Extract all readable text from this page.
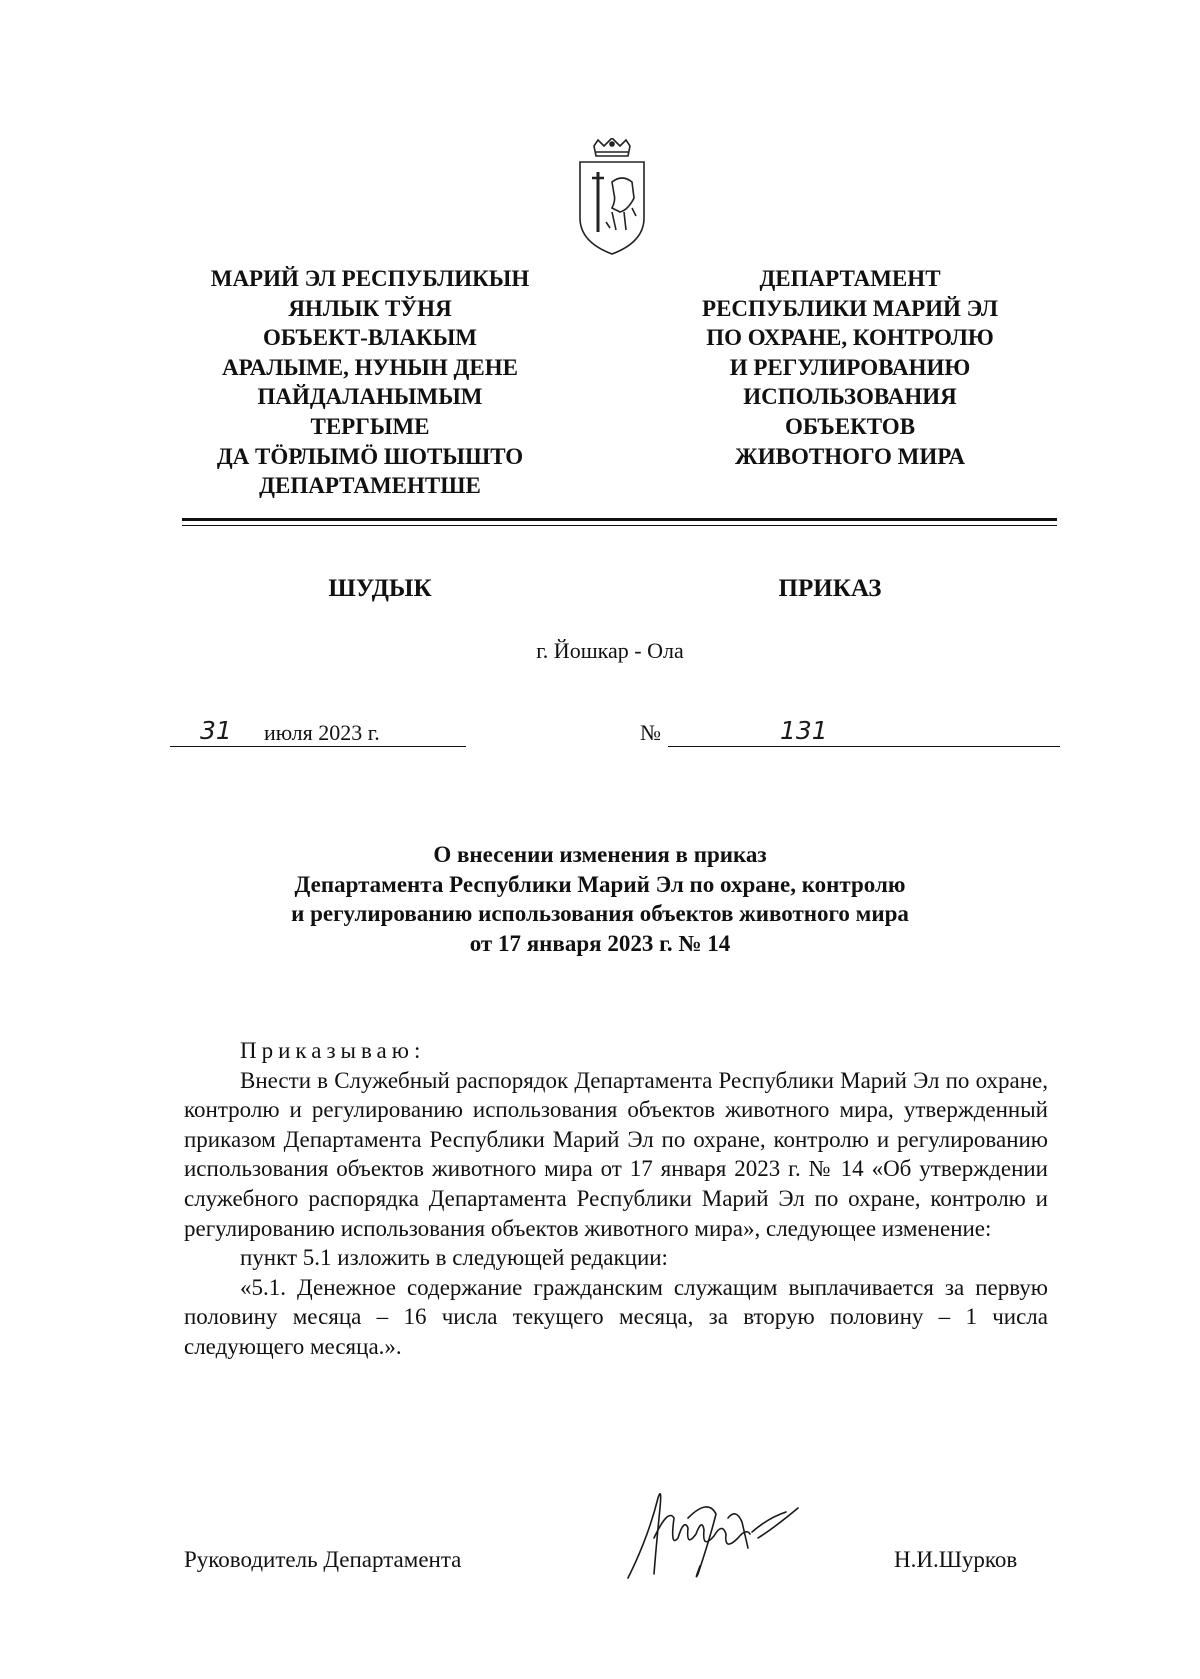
МАРИЙ ЭЛ РЕСПУБЛИКЫН
ЯНЛЫК ТЎНЯ
ОБЪЕКТ-ВЛАКЫМ
АРАЛЫМЕ, НУНЫН ДЕНЕ
ПАЙДАЛАНЫМЫМ
ТЕРГЫМЕ
ДА ТӦРЛЫМӦ ШОТЫШТО
ДЕПАРТАМЕНТШЕ
ДЕПАРТАМЕНТ
РЕСПУБЛИКИ МАРИЙ ЭЛ
ПО ОХРАНЕ, КОНТРОЛЮ
И РЕГУЛИРОВАНИЮ
ИСПОЛЬЗОВАНИЯ
ОБЪЕКТОВ
ЖИВОТНОГО МИРА
ШУДЫК	ПРИКАЗ
г. Йошкар - Ола
31 июля 2023 г.	№	131
О внесении изменения в приказ
Департамента Республики Марий Эл по охране, контролю
и регулированию использования объектов животного мира
от 17 января 2023 г. № 14

Приказываю:

Внести в Служебный распорядок Департамента Республики Марий Эл по охране, контролю и регулированию использования объектов животного мира, утвержденный приказом Департамента Республики Марий Эл по охране, контролю и регулированию использования объектов животного мира от 17 января 2023 г. № 14 «Об утверждении служебного распорядка Департамента Республики Марий Эл по охране, контролю и регулированию использования объектов животного мира», следующее изменение:

пункт 5.1 изложить в следующей редакции:

«5.1. Денежное содержание гражданским служащим выплачивается за первую половину месяца – 16 числа текущего месяца, за вторую половину – 1 числа следующего месяца.».

Руководитель Департамента	Н.И.Шурков
